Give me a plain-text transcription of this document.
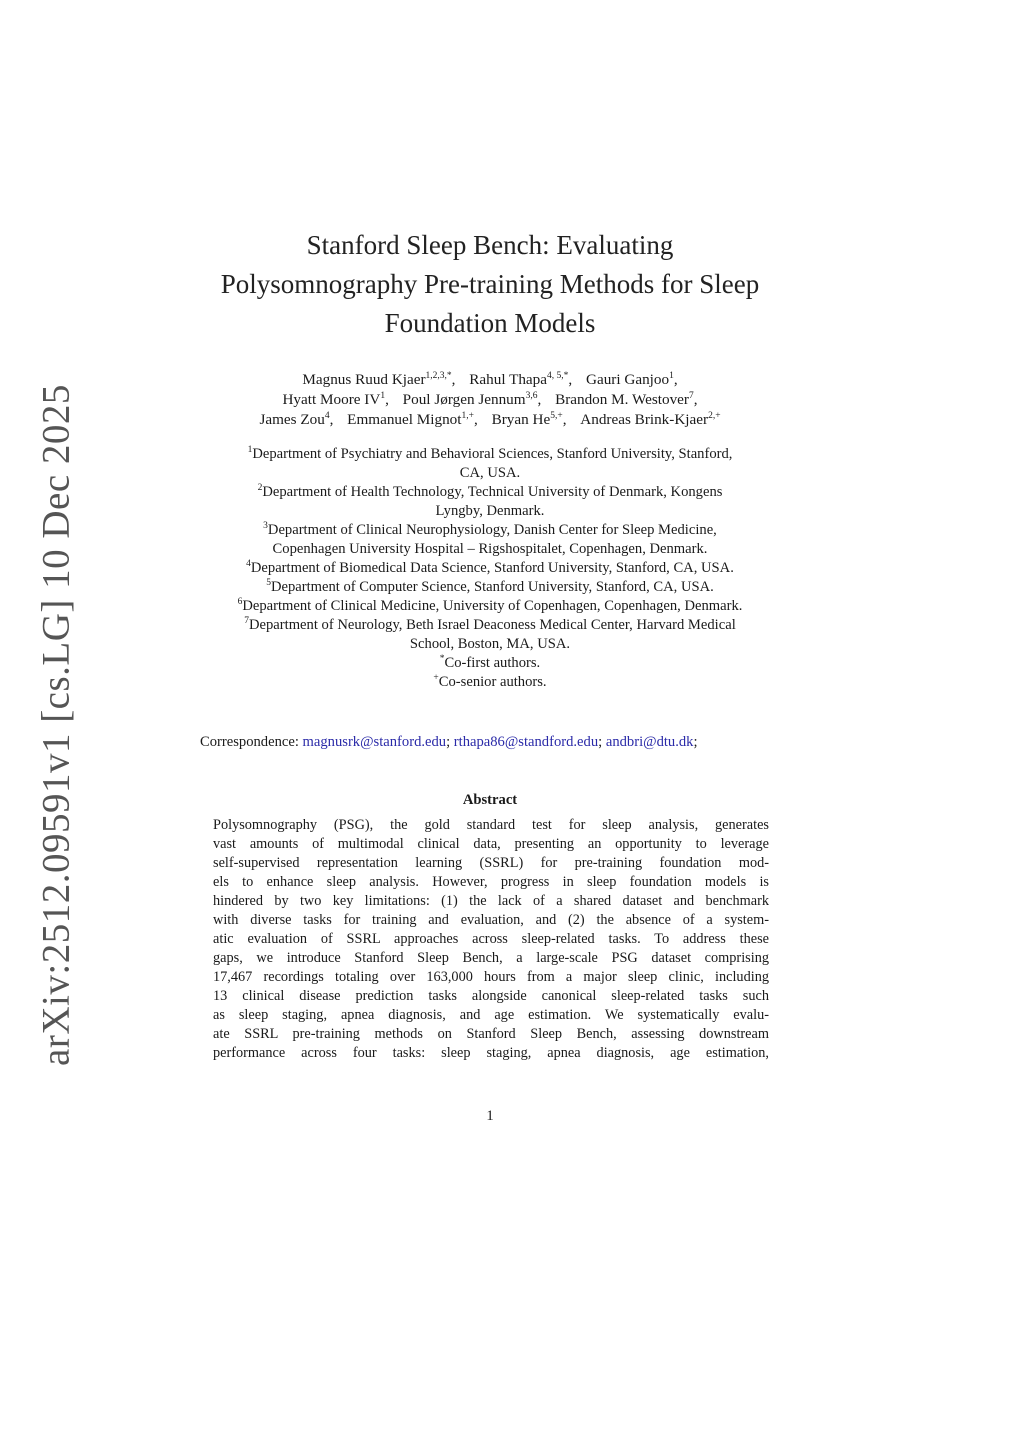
arXiv:2512.09591v1 [cs.LG] 10 Dec 2025
Stanford Sleep Bench: Evaluating
Polysomnography Pre-training Methods for Sleep
Foundation Models
Magnus Ruud Kjaer$^{1,2,3,*}$, Rahul Thapa$^{4, 5,*}$, Gauri Ganjoo$^1$,
Hyatt Moore $IV^1$, Poul Jørgen Jennum$^{3,6}$, Brandon M. Westover$^7$,
James Zou$^4$, Emmanuel Mignot$^{1,+}$, Bryan $He^{5,+}$, Andreas Brink-Kjaer$^{2,+}$
$^1$Department of Psychiatry and Behavioral Sciences, Stanford University, Stanford,
CA, USA.
$^2$Department of Health Technology, Technical University of Denmark, Kongens
Lyngby, Denmark.
$^3$Department of Clinical Neurophysiology, Danish Center for Sleep Medicine,
Copenhagen University Hospital – Rigshospitalet, Copenhagen, Denmark.
$^4$Department of Biomedical Data Science, Stanford University, Stanford, CA, USA.
$^5$Department of Computer Science, Stanford University, Stanford, CA, USA.
$^6$Department of Clinical Medicine, University of Copenhagen, Copenhagen, Denmark.
$^7$Department of Neurology, Beth Israel Deaconess Medical Center, Harvard Medical
School, Boston, MA, USA.
*Co-first authors.
+Co-senior authors.
Correspondence: magnusrk@stanford.edu; rthapa86@standford.edu; andbri@dtu.dk;
Abstract
Polysomnography (PSG), the gold standard test for sleep analysis, generates
vast amounts of multimodal clinical data, presenting an opportunity to leverage
self-supervised representation learning (SSRL) for pre-training foundation mod-
els to enhance sleep analysis. However, progress in sleep foundation models is
hindered by two key limitations: (1) the lack of a shared dataset and benchmark
with diverse tasks for training and evaluation, and (2) the absence of a system-
atic evaluation of SSRL approaches across sleep-related tasks. To address these
gaps, we introduce Stanford Sleep Bench, a large-scale PSG dataset comprising
17,467 recordings totaling over 163,000 hours from a major sleep clinic, including
13 clinical disease prediction tasks alongside canonical sleep-related tasks such
as sleep staging, apnea diagnosis, and age estimation. We systematically evalu-
ate SSRL pre-training methods on Stanford Sleep Bench, assessing downstream
performance across four tasks: sleep staging, apnea diagnosis, age estimation,
1
